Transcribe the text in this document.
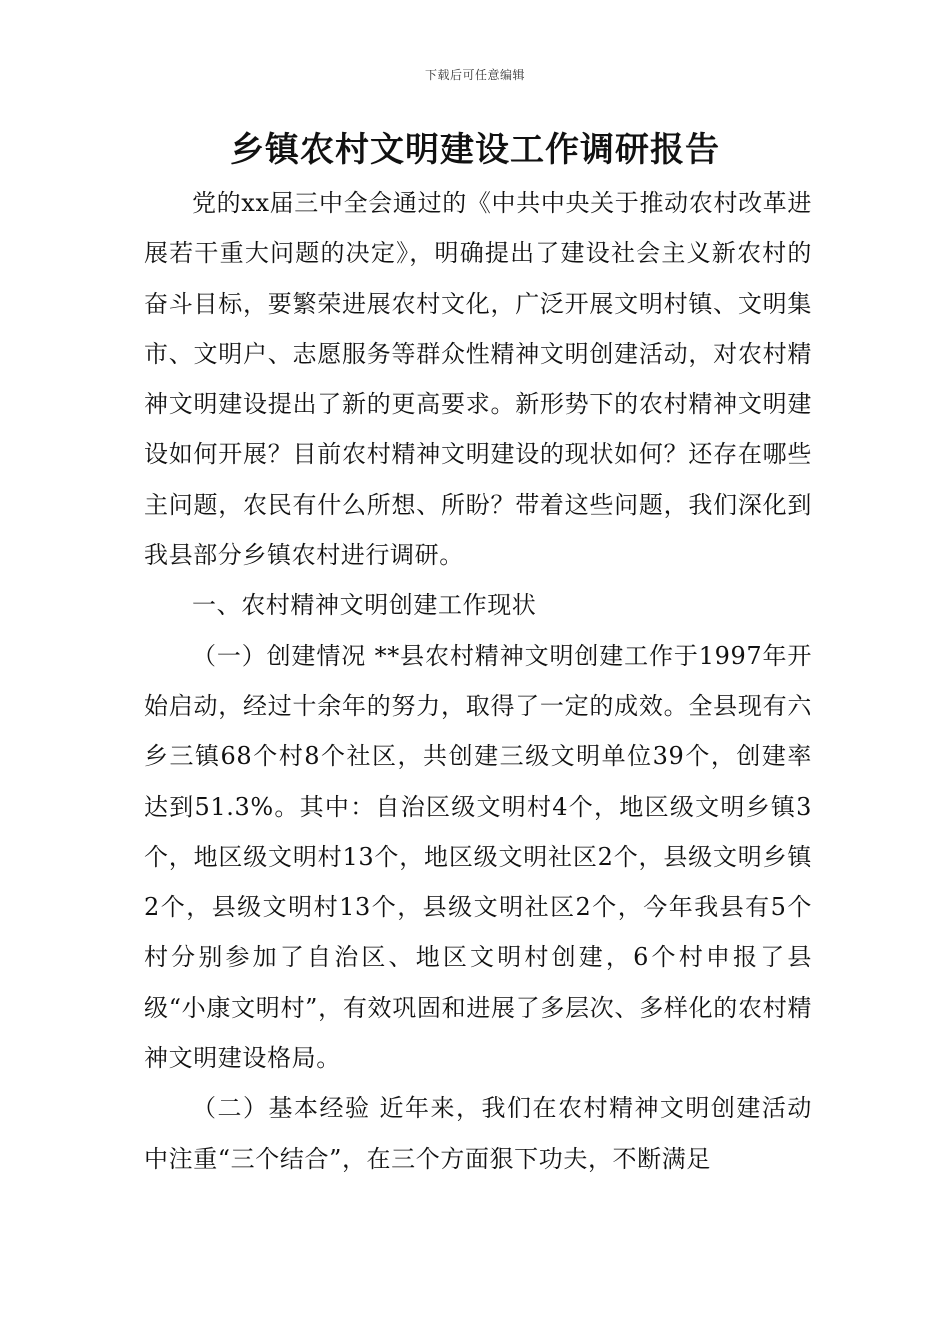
下载后可任意编辑
乡镇农村文明建设工作调研报告

党的xx届三中全会通过的《中共中央关于推动农村改革进展若干重大问题的决定》，明确提出了建设社会主义新农村的奋斗目标，要繁荣进展农村文化，广泛开展文明村镇、文明集市、文明户、志愿服务等群众性精神文明创建活动，对农村精神文明建设提出了新的更高要求。新形势下的农村精神文明建设如何开展？目前农村精神文明建设的现状如何？还存在哪些主问题，农民有什么所想、所盼？带着这些问题，我们深化到我县部分乡镇农村进行调研。

一、农村精神文明创建工作现状

（一）创建情况 **县农村精神文明创建工作于1997年开始启动，经过十余年的努力，取得了一定的成效。全县现有六乡三镇68个村8个社区，共创建三级文明单位39个，创建率达到51.3%。其中：自治区级文明村4个，地区级文明乡镇3个，地区级文明村13个，地区级文明社区2个，县级文明乡镇2个，县级文明村13个，县级文明社区2个，今年我县有5个村分别参加了自治区、地区文明村创建，6个村申报了县级“小康文明村”，有效巩固和进展了多层次、多样化的农村精神文明建设格局。

（二）基本经验 近年来，我们在农村精神文明创建活动中注重“三个结合”，在三个方面狠下功夫，不断满足
